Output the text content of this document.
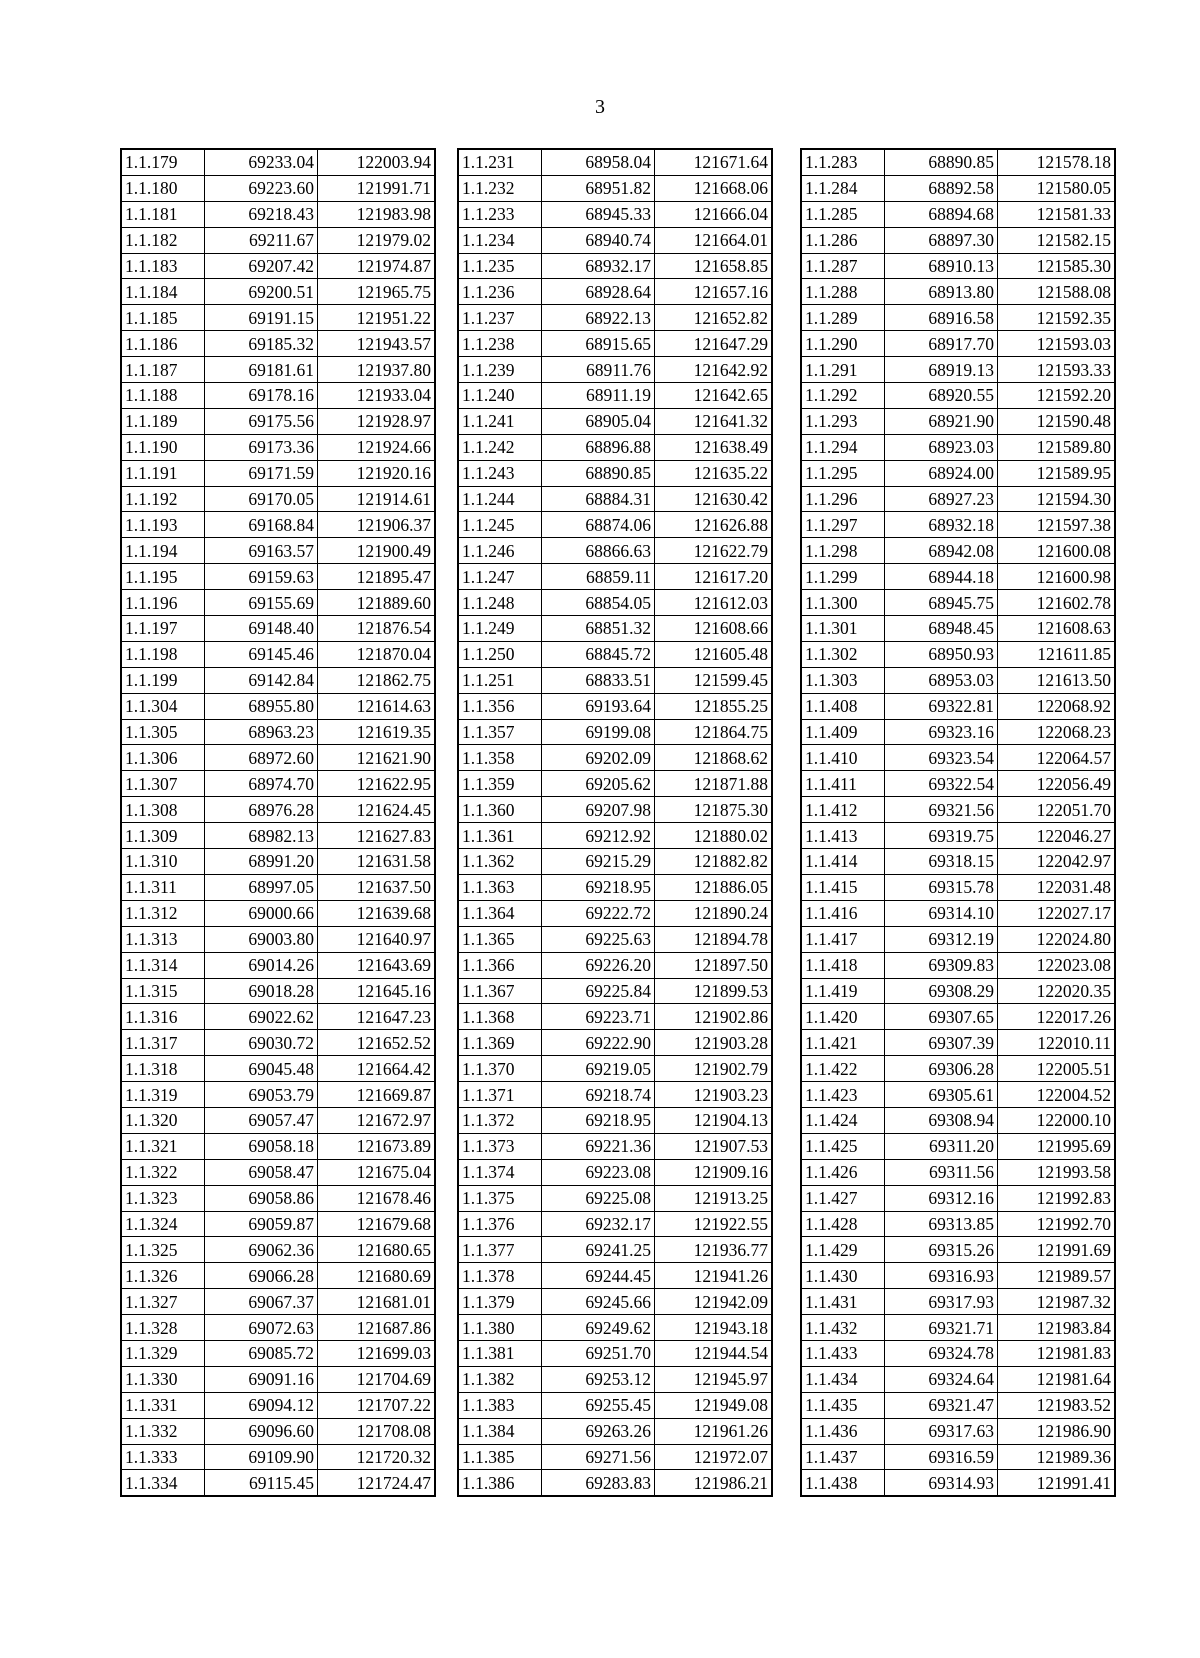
3
1.1.179	69233.04	122003.94
1.1.180	69223.60	121991.71
1.1.181	69218.43	121983.98
1.1.182	69211.67	121979.02
1.1.183	69207.42	121974.87
1.1.184	69200.51	121965.75
1.1.185	69191.15	121951.22
1.1.186	69185.32	121943.57
1.1.187	69181.61	121937.80
1.1.188	69178.16	121933.04
1.1.189	69175.56	121928.97
1.1.190	69173.36	121924.66
1.1.191	69171.59	121920.16
1.1.192	69170.05	121914.61
1.1.193	69168.84	121906.37
1.1.194	69163.57	121900.49
1.1.195	69159.63	121895.47
1.1.196	69155.69	121889.60
1.1.197	69148.40	121876.54
1.1.198	69145.46	121870.04
1.1.199	69142.84	121862.75
1.1.304	68955.80	121614.63
1.1.305	68963.23	121619.35
1.1.306	68972.60	121621.90
1.1.307	68974.70	121622.95
1.1.308	68976.28	121624.45
1.1.309	68982.13	121627.83
1.1.310	68991.20	121631.58
1.1.311	68997.05	121637.50
1.1.312	69000.66	121639.68
1.1.313	69003.80	121640.97
1.1.314	69014.26	121643.69
1.1.315	69018.28	121645.16
1.1.316	69022.62	121647.23
1.1.317	69030.72	121652.52
1.1.318	69045.48	121664.42
1.1.319	69053.79	121669.87
1.1.320	69057.47	121672.97
1.1.321	69058.18	121673.89
1.1.322	69058.47	121675.04
1.1.323	69058.86	121678.46
1.1.324	69059.87	121679.68
1.1.325	69062.36	121680.65
1.1.326	69066.28	121680.69
1.1.327	69067.37	121681.01
1.1.328	69072.63	121687.86
1.1.329	69085.72	121699.03
1.1.330	69091.16	121704.69
1.1.331	69094.12	121707.22
1.1.332	69096.60	121708.08
1.1.333	69109.90	121720.32
1.1.334	69115.45	121724.47
1.1.231	68958.04	121671.64
1.1.232	68951.82	121668.06
1.1.233	68945.33	121666.04
1.1.234	68940.74	121664.01
1.1.235	68932.17	121658.85
1.1.236	68928.64	121657.16
1.1.237	68922.13	121652.82
1.1.238	68915.65	121647.29
1.1.239	68911.76	121642.92
1.1.240	68911.19	121642.65
1.1.241	68905.04	121641.32
1.1.242	68896.88	121638.49
1.1.243	68890.85	121635.22
1.1.244	68884.31	121630.42
1.1.245	68874.06	121626.88
1.1.246	68866.63	121622.79
1.1.247	68859.11	121617.20
1.1.248	68854.05	121612.03
1.1.249	68851.32	121608.66
1.1.250	68845.72	121605.48
1.1.251	68833.51	121599.45
1.1.356	69193.64	121855.25
1.1.357	69199.08	121864.75
1.1.358	69202.09	121868.62
1.1.359	69205.62	121871.88
1.1.360	69207.98	121875.30
1.1.361	69212.92	121880.02
1.1.362	69215.29	121882.82
1.1.363	69218.95	121886.05
1.1.364	69222.72	121890.24
1.1.365	69225.63	121894.78
1.1.366	69226.20	121897.50
1.1.367	69225.84	121899.53
1.1.368	69223.71	121902.86
1.1.369	69222.90	121903.28
1.1.370	69219.05	121902.79
1.1.371	69218.74	121903.23
1.1.372	69218.95	121904.13
1.1.373	69221.36	121907.53
1.1.374	69223.08	121909.16
1.1.375	69225.08	121913.25
1.1.376	69232.17	121922.55
1.1.377	69241.25	121936.77
1.1.378	69244.45	121941.26
1.1.379	69245.66	121942.09
1.1.380	69249.62	121943.18
1.1.381	69251.70	121944.54
1.1.382	69253.12	121945.97
1.1.383	69255.45	121949.08
1.1.384	69263.26	121961.26
1.1.385	69271.56	121972.07
1.1.386	69283.83	121986.21
1.1.283	68890.85	121578.18
1.1.284	68892.58	121580.05
1.1.285	68894.68	121581.33
1.1.286	68897.30	121582.15
1.1.287	68910.13	121585.30
1.1.288	68913.80	121588.08
1.1.289	68916.58	121592.35
1.1.290	68917.70	121593.03
1.1.291	68919.13	121593.33
1.1.292	68920.55	121592.20
1.1.293	68921.90	121590.48
1.1.294	68923.03	121589.80
1.1.295	68924.00	121589.95
1.1.296	68927.23	121594.30
1.1.297	68932.18	121597.38
1.1.298	68942.08	121600.08
1.1.299	68944.18	121600.98
1.1.300	68945.75	121602.78
1.1.301	68948.45	121608.63
1.1.302	68950.93	121611.85
1.1.303	68953.03	121613.50
1.1.408	69322.81	122068.92
1.1.409	69323.16	122068.23
1.1.410	69323.54	122064.57
1.1.411	69322.54	122056.49
1.1.412	69321.56	122051.70
1.1.413	69319.75	122046.27
1.1.414	69318.15	122042.97
1.1.415	69315.78	122031.48
1.1.416	69314.10	122027.17
1.1.417	69312.19	122024.80
1.1.418	69309.83	122023.08
1.1.419	69308.29	122020.35
1.1.420	69307.65	122017.26
1.1.421	69307.39	122010.11
1.1.422	69306.28	122005.51
1.1.423	69305.61	122004.52
1.1.424	69308.94	122000.10
1.1.425	69311.20	121995.69
1.1.426	69311.56	121993.58
1.1.427	69312.16	121992.83
1.1.428	69313.85	121992.70
1.1.429	69315.26	121991.69
1.1.430	69316.93	121989.57
1.1.431	69317.93	121987.32
1.1.432	69321.71	121983.84
1.1.433	69324.78	121981.83
1.1.434	69324.64	121981.64
1.1.435	69321.47	121983.52
1.1.436	69317.63	121986.90
1.1.437	69316.59	121989.36
1.1.438	69314.93	121991.41
